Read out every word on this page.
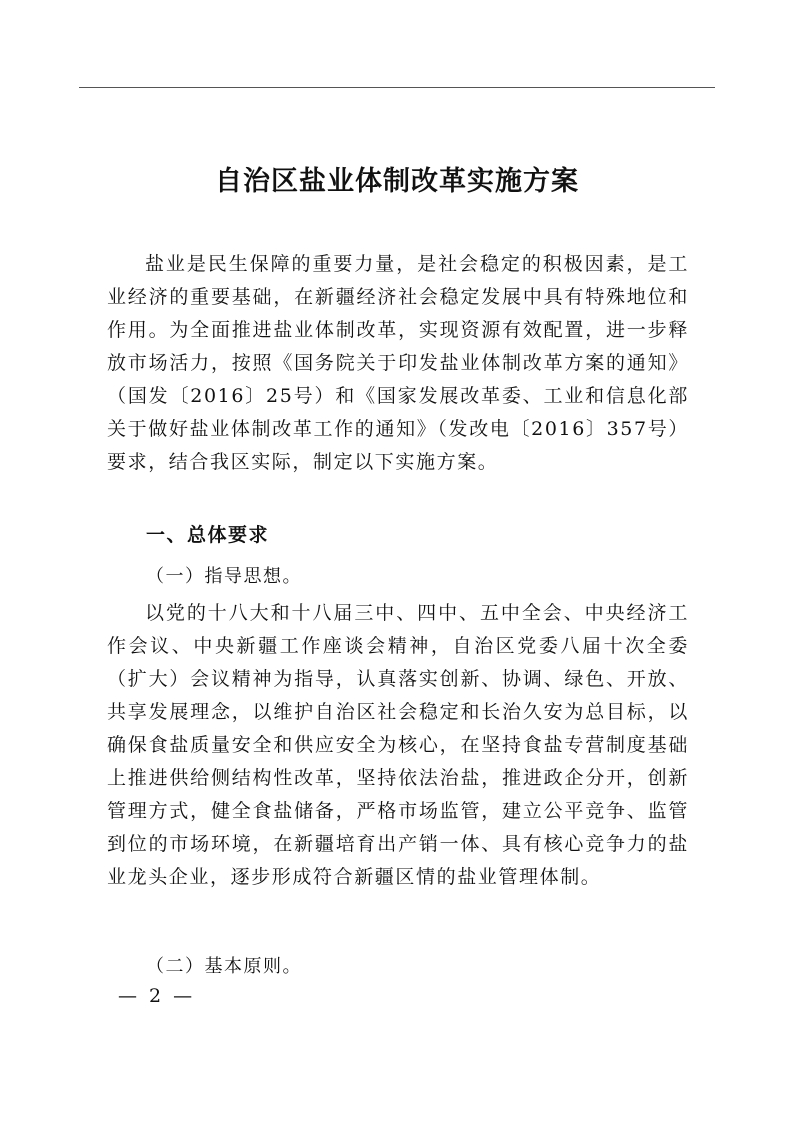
自治区盐业体制改革实施方案
盐业是民生保障的重要力量，是社会稳定的积极因素，是工业经济的重要基础，在新疆经济社会稳定发展中具有特殊地位和作用。为全面推进盐业体制改革，实现资源有效配置，进一步释放市场活力，按照《国务院关于印发盐业体制改革方案的通知》（国发〔2016〕25号）和《国家发展改革委、工业和信息化部关于做好盐业体制改革工作的通知》（发改电〔2016〕357号）要求，结合我区实际，制定以下实施方案。
一、总体要求
（一）指导思想。
以党的十八大和十八届三中、四中、五中全会、中央经济工作会议、中央新疆工作座谈会精神，自治区党委八届十次全委（扩大）会议精神为指导，认真落实创新、协调、绿色、开放、共享发展理念，以维护自治区社会稳定和长治久安为总目标，以确保食盐质量安全和供应安全为核心，在坚持食盐专营制度基础上推进供给侧结构性改革，坚持依法治盐，推进政企分开，创新管理方式，健全食盐储备，严格市场监管，建立公平竞争、监管到位的市场环境，在新疆培育出产销一体、具有核心竞争力的盐业龙头企业，逐步形成符合新疆区情的盐业管理体制。
（二）基本原则。
— 2 —
